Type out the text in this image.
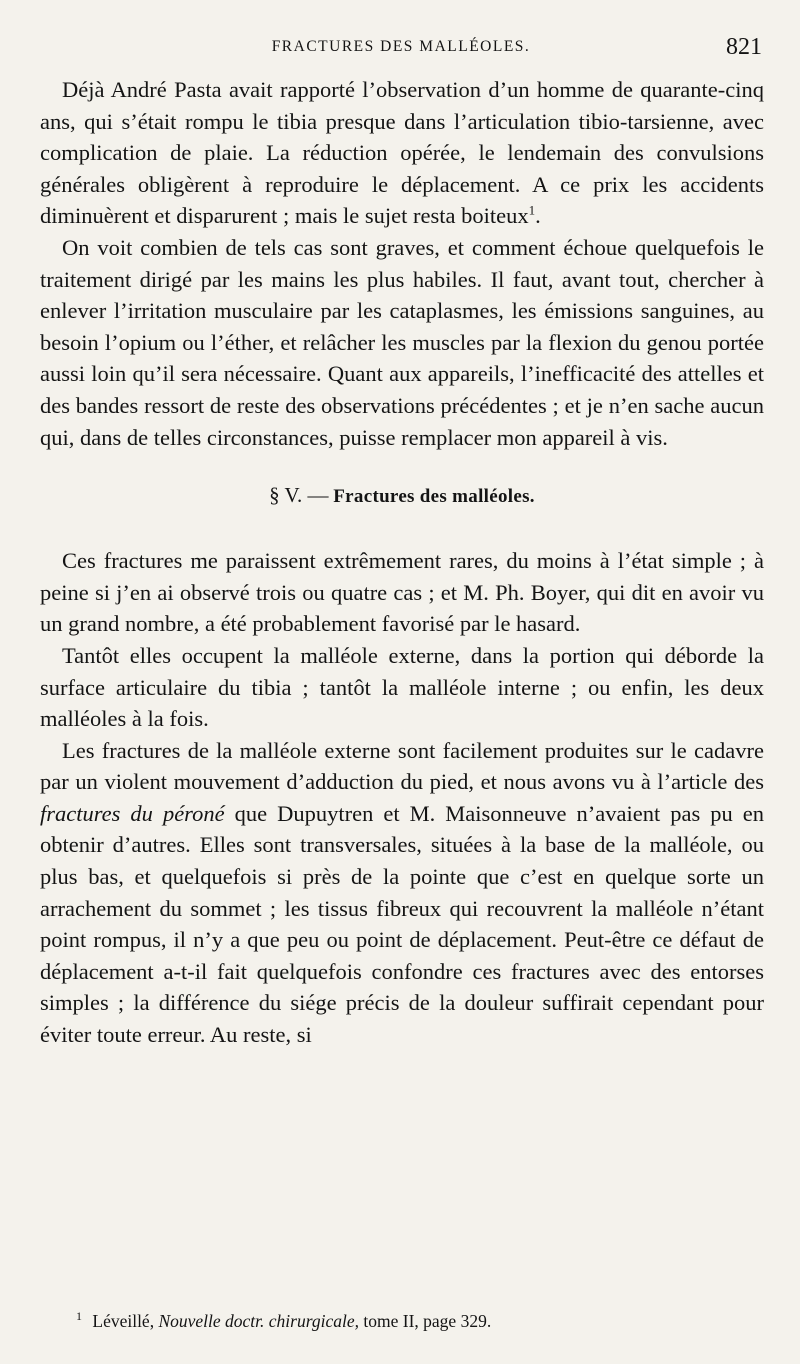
FRACTURES DES MALLÉOLES.	821

Déjà André Pasta avait rapporté l’observation d’un homme de quarante-cinq ans, qui s’était rompu le tibia presque dans l’articulation tibio-tarsienne, avec complication de plaie. La réduction opérée, le lendemain des convulsions générales obligèrent à reproduire le déplacement. A ce prix les accidents diminuèrent et disparurent ; mais le sujet resta boiteux$^1$.

On voit combien de tels cas sont graves, et comment échoue quelquefois le traitement dirigé par les mains les plus habiles. Il faut, avant tout, chercher à enlever l’irritation musculaire par les cataplasmes, les émissions sanguines, au besoin l’opium ou l’éther, et relâcher les muscles par la flexion du genou portée aussi loin qu’il sera nécessaire. Quant aux appareils, l’inefficacité des attelles et des bandes ressort de reste des observations précédentes ; et je n’en sache aucun qui, dans de telles circonstances, puisse remplacer mon appareil à vis.

§ V. — Fractures des malléoles.

Ces fractures me paraissent extrêmement rares, du moins à l’état simple ; à peine si j’en ai observé trois ou quatre cas ; et M. Ph. Boyer, qui dit en avoir vu un grand nombre, a été probablement favorisé par le hasard.

Tantôt elles occupent la malléole externe, dans la portion qui déborde la surface articulaire du tibia ; tantôt la malléole interne ; ou enfin, les deux malléoles à la fois.

Les fractures de la malléole externe sont facilement produites sur le cadavre par un violent mouvement d’adduction du pied, et nous avons vu à l’article des fractures du péroné que Dupuytren et M. Maisonneuve n’avaient pas pu en obtenir d’autres. Elles sont transversales, situées à la base de la malléole, ou plus bas, et quelquefois si près de la pointe que c’est en quelque sorte un arrachement du sommet ; les tissus fibreux qui recouvrent la malléole n’étant point rompus, il n’y a que peu ou point de déplacement. Peut-être ce défaut de déplacement a-t-il fait quelquefois confondre ces fractures avec des entorses simples ; la différence du siége précis de la douleur suffirait cependant pour éviter toute erreur. Au reste, si

$^1$ Léveillé, Nouvelle doctr. chirurgicale, tome II, page 329.
